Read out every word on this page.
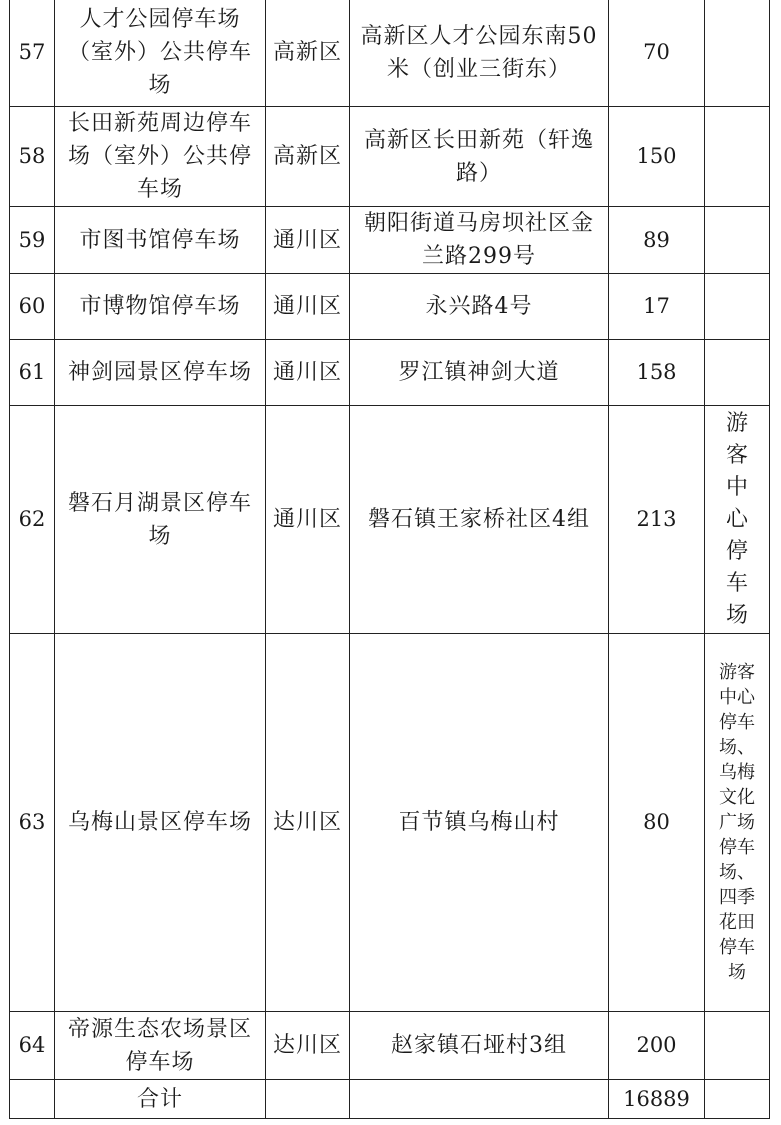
57	人才公园停车场（室外）公共停车场	高新区	高新区人才公园东南50米（创业三街东）	70	

58	长田新苑周边停车场（室外）公共停车场	高新区	高新区长田新苑（轩逸路）	150	

59	市图书馆停车场	通川区	朝阳街道马房坝社区金兰路299号	89	

60	市博物馆停车场	通川区	永兴路4号	17	

61	神剑园景区停车场	通川区	罗江镇神剑大道	158	

62	磐石月湖景区停车场	通川区	磐石镇王家桥社区4组	213	游客中心停车场

63	乌梅山景区停车场	达川区	百节镇乌梅山村	80	游客中心停车场、乌梅文化广场停车场、四季花田停车场

64	帝源生态农场景区停车场	达川区	赵家镇石垭村3组	200	

	合计			16889	
